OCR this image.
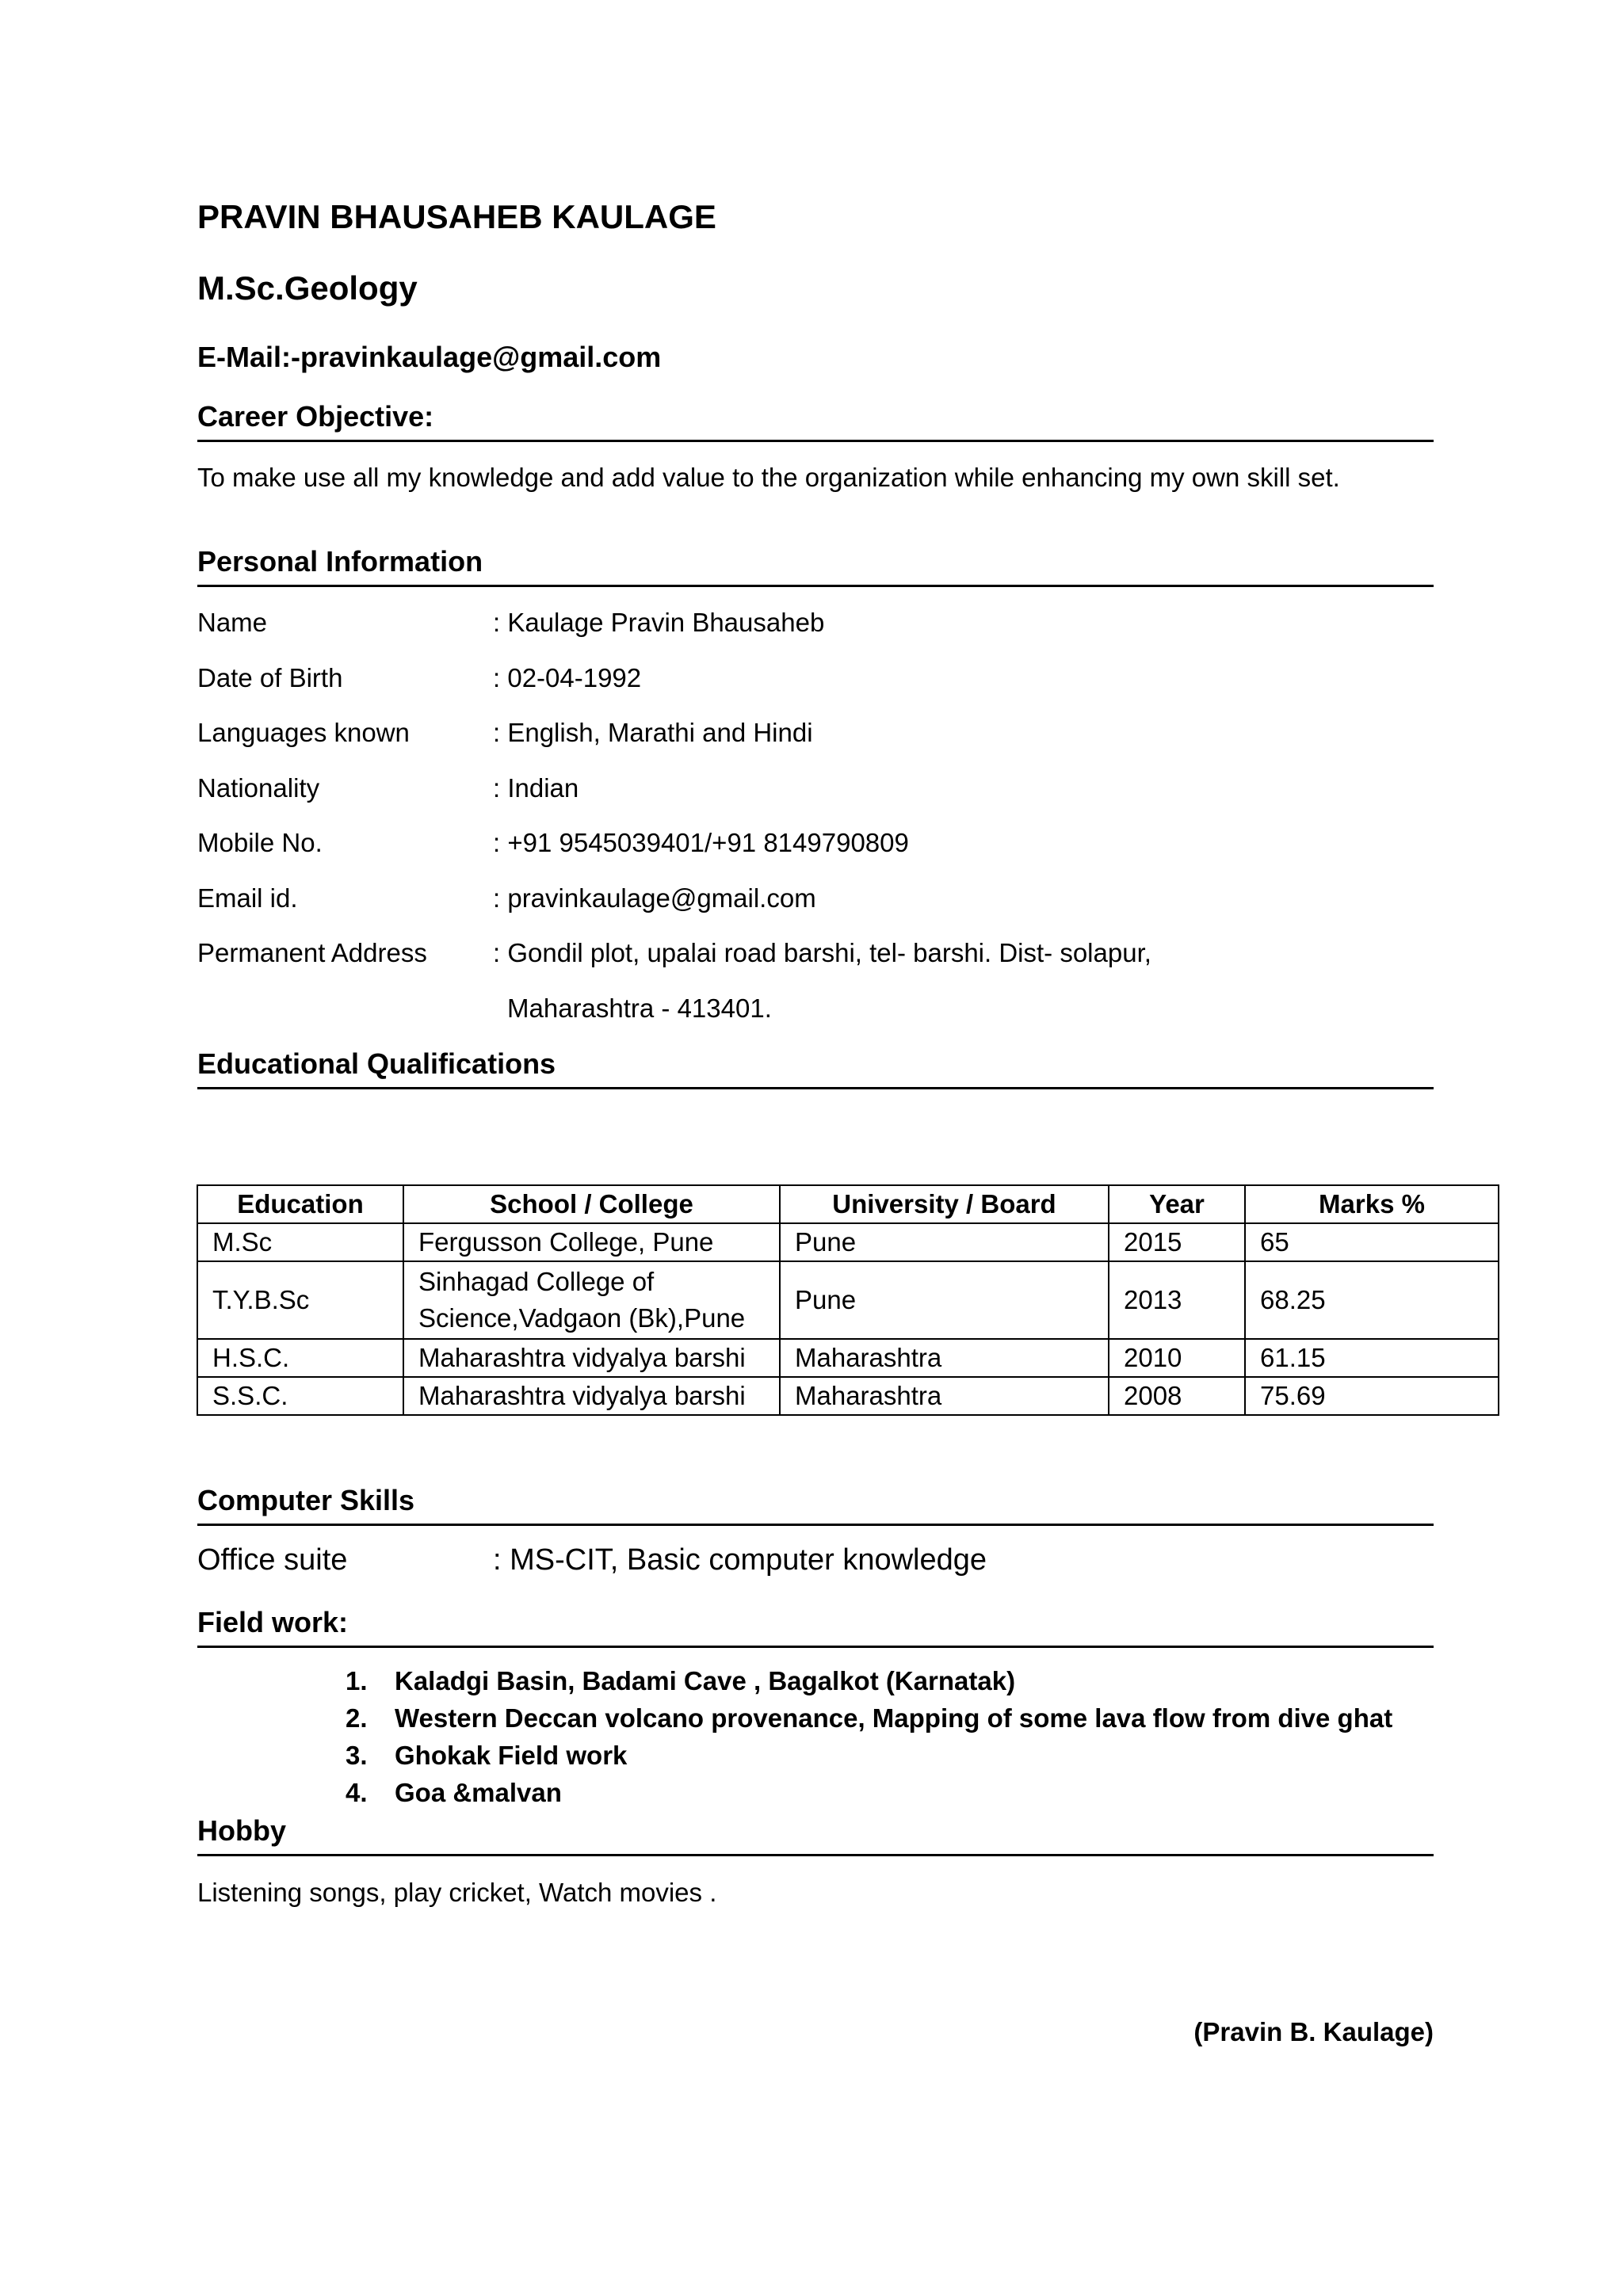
PRAVIN BHAUSAHEB KAULAGE
M.Sc.Geology
E-Mail:-pravinkaulage@gmail.com
Career Objective:
To make use all my knowledge and add value to the organization while enhancing my own skill set.
Personal Information
Name	: Kaulage Pravin Bhausaheb
Date of Birth	: 02-04-1992
Languages known	: English, Marathi and Hindi
Nationality	: Indian
Mobile No.	: +91 9545039401/+91 8149790809
Email id.	: pravinkaulage@gmail.com
Permanent Address	: Gondil plot, upalai road barshi, tel- barshi. Dist- solapur,
Maharashtra - 413401.
Educational Qualifications
Education	School / College	University / Board	Year	Marks %
M.Sc	Fergusson College, Pune	Pune	2015	65
T.Y.B.Sc	Sinhagad College of
Science,Vadgaon (Bk),Pune	Pune	2013	68.25
H.S.C.	Maharashtra vidyalya barshi	Maharashtra	2010	61.15
S.S.C.	Maharashtra vidyalya barshi	Maharashtra	2008	75.69
Computer Skills
Office suite	: MS-CIT, Basic computer knowledge
Field work:
1.	Kaladgi Basin, Badami Cave , Bagalkot (Karnatak)
2.	Western Deccan volcano provenance, Mapping of some lava flow from dive ghat
3.	Ghokak Field work
4.	Goa &malvan
Hobby
Listening songs, play cricket, Watch movies .
(Pravin B. Kaulage)
